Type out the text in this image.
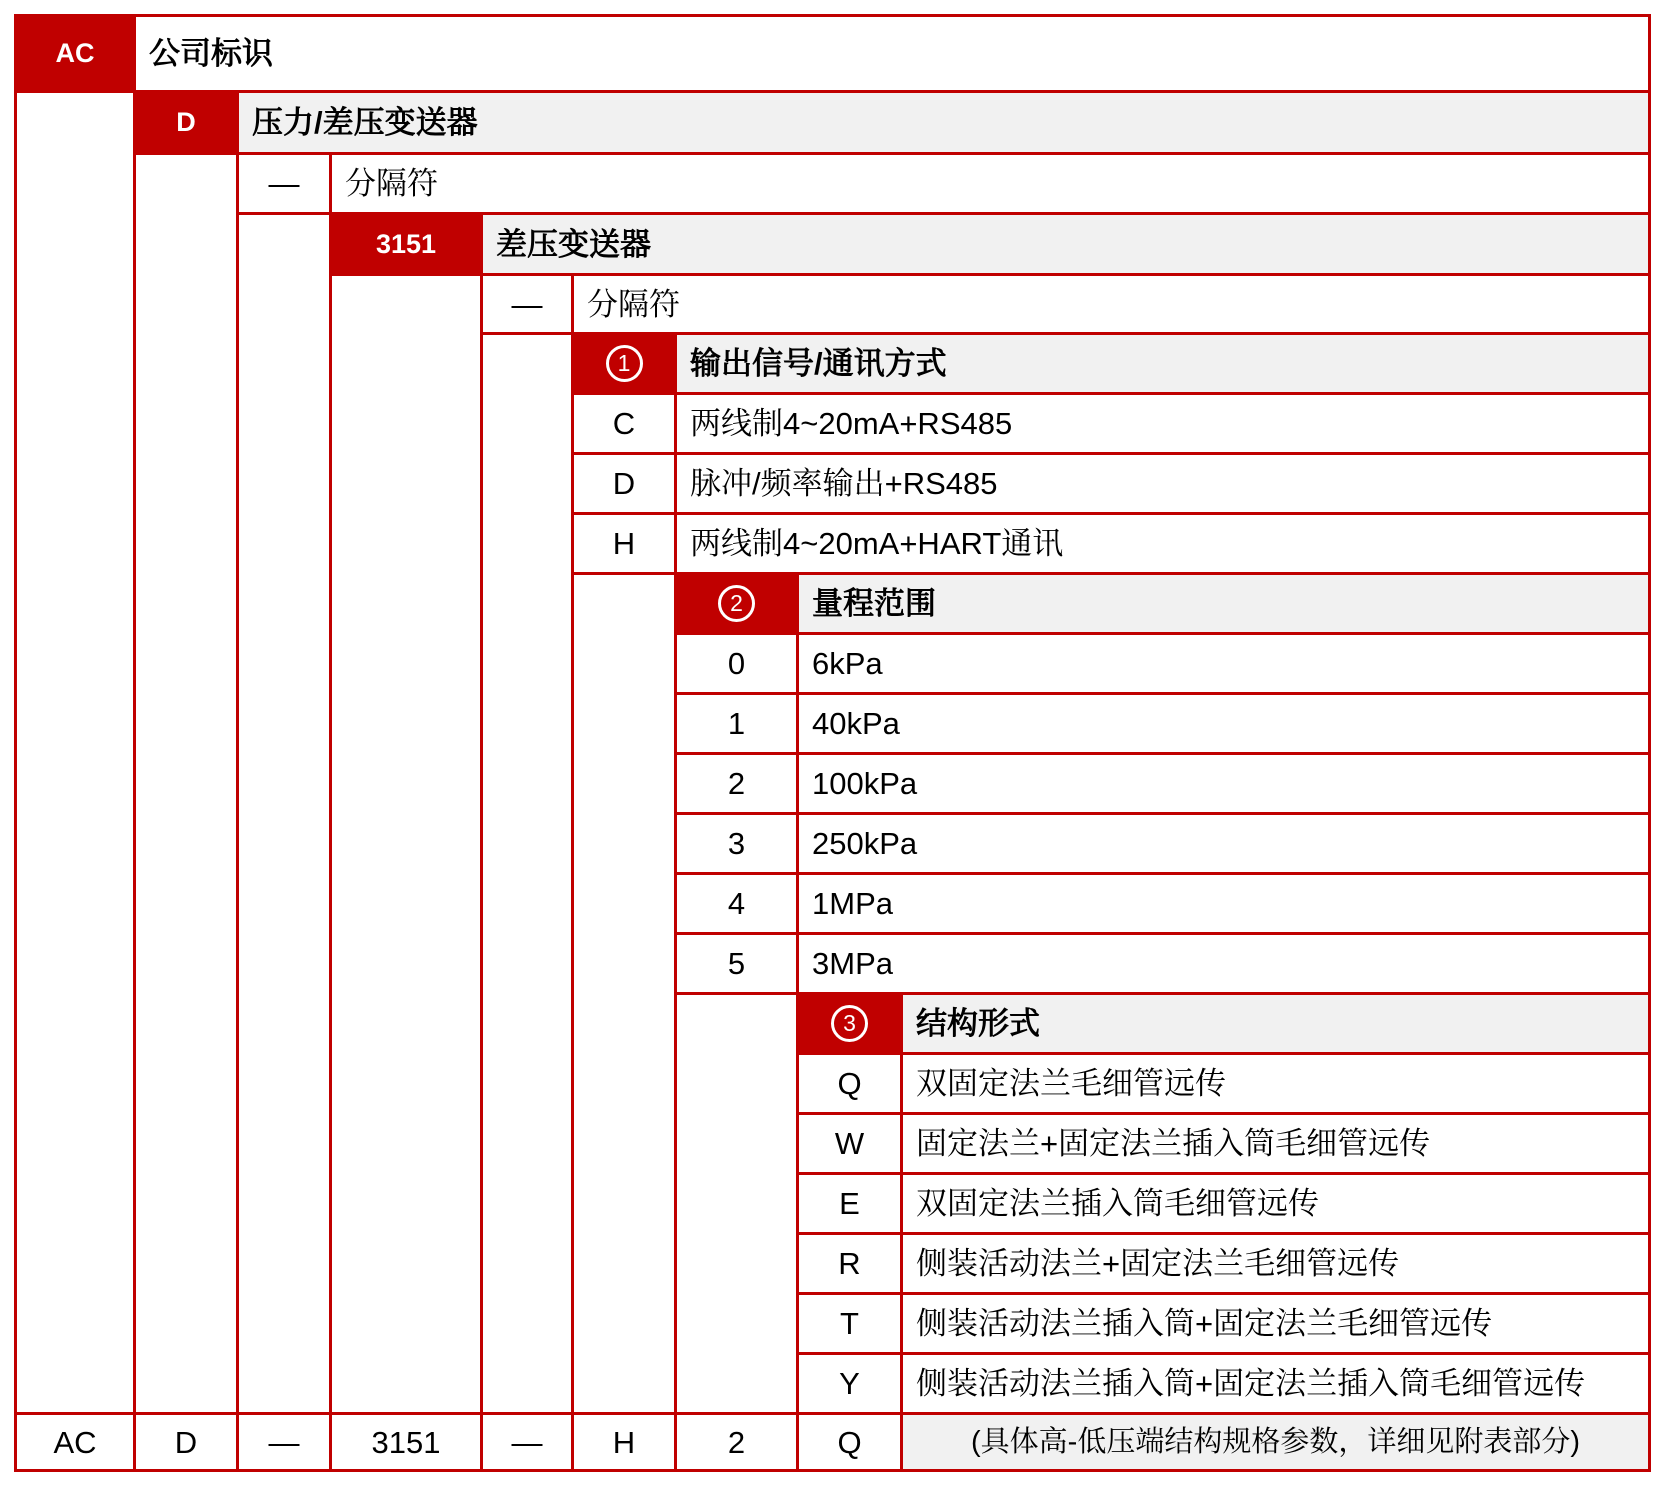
AC	公司标识
D	压力/差压变送器
—	分隔符
3151	差压变送器
—	分隔符
1	输出信号/通讯方式
C	两线制4~20mA+RS485
D	脉冲/频率输出+RS485
H	两线制4~20mA+HART通讯
2	量程范围
0	6kPa
1	40kPa
2	100kPa
3	250kPa
4	1MPa
5	3MPa
3	结构形式
Q	双固定法兰毛细管远传
W	固定法兰+固定法兰插入筒毛细管远传
E	双固定法兰插入筒毛细管远传
R	侧装活动法兰+固定法兰毛细管远传
T	侧装活动法兰插入筒+固定法兰毛细管远传
Y	侧装活动法兰插入筒+固定法兰插入筒毛细管远传
AC	D	—	3151	—	H	2	Q	(具体高-低压端结构规格参数，详细见附表部分)
